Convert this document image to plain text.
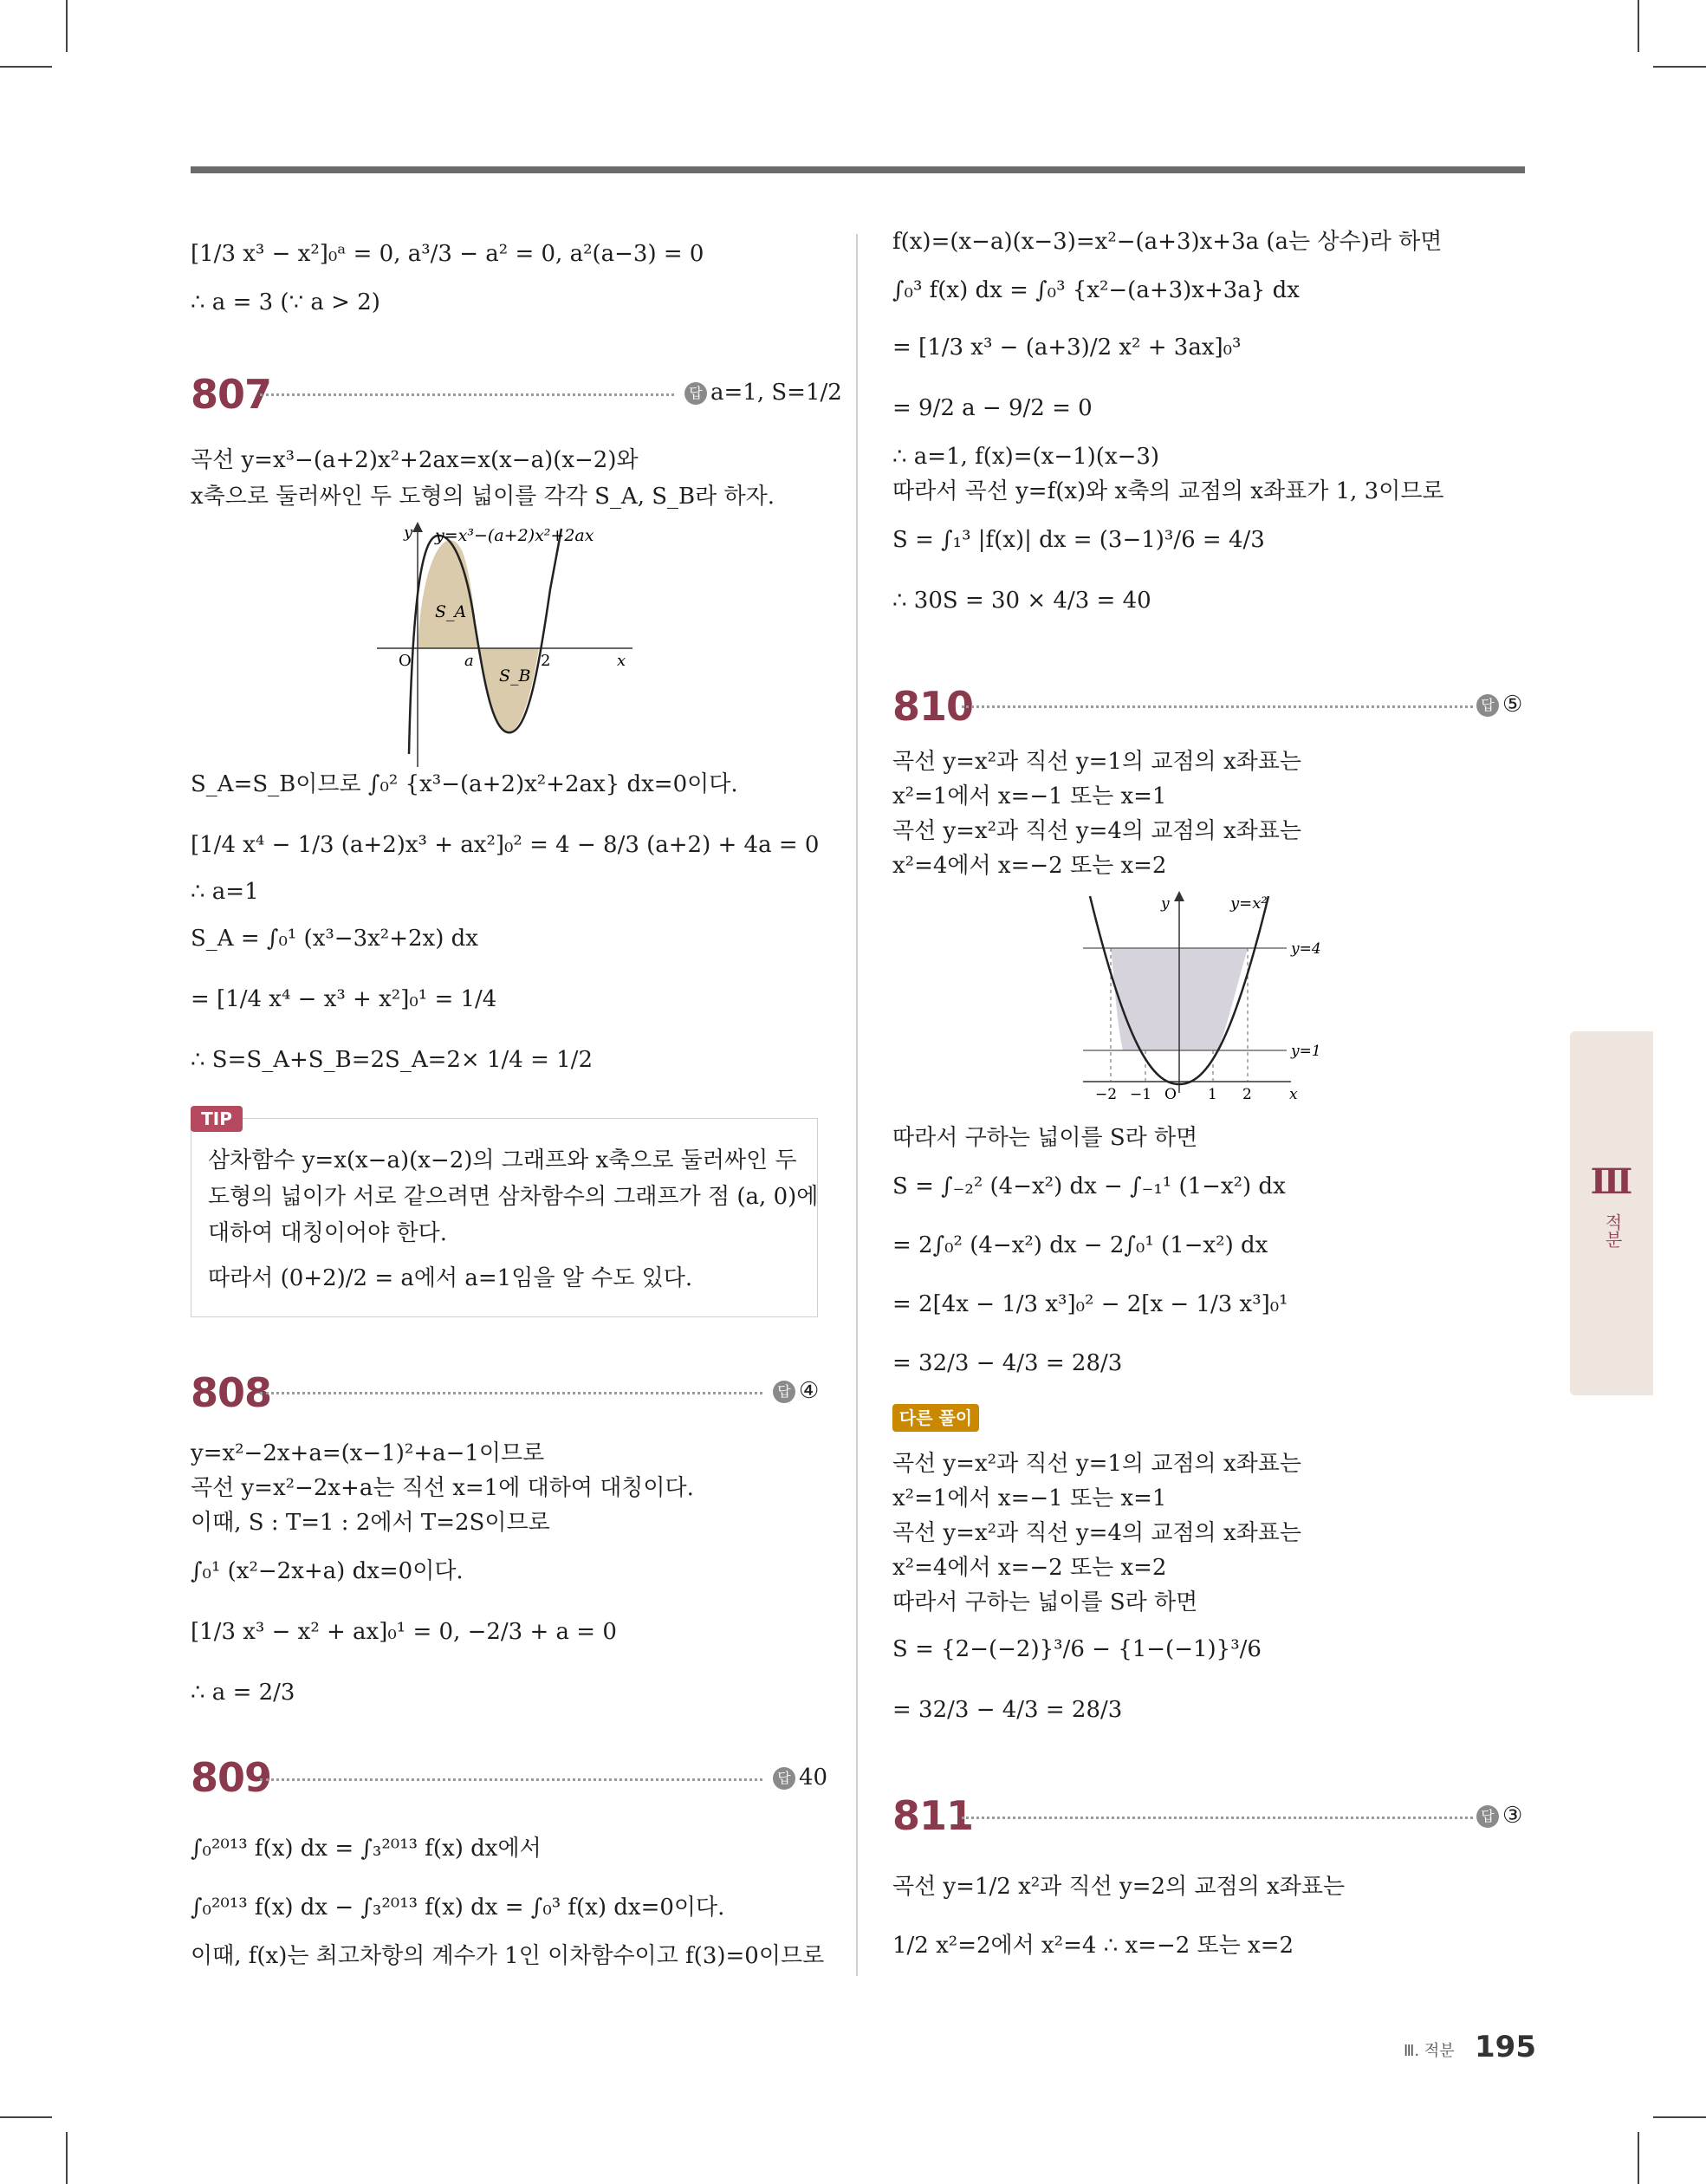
[1/3 x³ − x²]₀ᵃ = 0, a³/3 − a² = 0, a²(a−3) = 0
∴ a = 3 (∵ a > 2)
807	답 a=1, S=1/2
곡선 y=x³−(a+2)x²+2ax=x(x−a)(x−2)와
x축으로 둘러싸인 두 도형의 넓이를 각각 S_A, S_B라 하자.
y y=x³−(a+2)x²+2ax
S_A
S_B
O	a	2	x
S_A=S_B이므로 ∫₀² {x³−(a+2)x²+2ax} dx=0이다.
[1/4 x⁴ − 1/3 (a+2)x³ + ax²]₀² = 4 − 8/3 (a+2) + 4a = 0
∴ a=1
S_A = ∫₀¹ (x³−3x²+2x) dx
= [1/4 x⁴ − x³ + x²]₀¹ = 1/4
∴ S=S_A+S_B=2S_A=2× 1/4 = 1/2
TIP
삼차함수 y=x(x−a)(x−2)의 그래프와 x축으로 둘러싸인 두
도형의 넓이가 서로 같으려면 삼차함수의 그래프가 점 (a, 0)에
대하여 대칭이어야 한다.
따라서 (0+2)/2 = a에서 a=1임을 알 수도 있다.
808	답 ④
y=x²−2x+a=(x−1)²+a−1이므로
곡선 y=x²−2x+a는 직선 x=1에 대하여 대칭이다.
이때, S : T=1 : 2에서 T=2S이므로
∫₀¹ (x²−2x+a) dx=0이다.
[1/3 x³ − x² + ax]₀¹ = 0, −2/3 + a = 0
∴ a = 2/3
809	답 40
∫₀²⁰¹³ f(x) dx = ∫₃²⁰¹³ f(x) dx에서
∫₀²⁰¹³ f(x) dx − ∫₃²⁰¹³ f(x) dx = ∫₀³ f(x) dx=0이다.
이때, f(x)는 최고차항의 계수가 1인 이차함수이고 f(3)=0이므로
f(x)=(x−a)(x−3)=x²−(a+3)x+3a (a는 상수)라 하면
∫₀³ f(x) dx = ∫₀³ {x²−(a+3)x+3a} dx
= [1/3 x³ − (a+3)/2 x² + 3ax]₀³
= 9/2 a − 9/2 = 0
∴ a=1, f(x)=(x−1)(x−3)
따라서 곡선 y=f(x)와 x축의 교점의 x좌표가 1, 3이므로
S = ∫₁³ |f(x)| dx = (3−1)³/6 = 4/3
∴ 30S = 30 × 4/3 = 40
810	답 ⑤
곡선 y=x²과 직선 y=1의 교점의 x좌표는
x²=1에서 x=−1 또는 x=1
곡선 y=x²과 직선 y=4의 교점의 x좌표는
x²=4에서 x=−2 또는 x=2
y	y=x²
y=4
y=1
−2 −1 O 1 2	x
따라서 구하는 넓이를 S라 하면
S = ∫₋₂² (4−x²) dx − ∫₋₁¹ (1−x²) dx
= 2∫₀² (4−x²) dx − 2∫₀¹ (1−x²) dx
= 2[4x − 1/3 x³]₀² − 2[x − 1/3 x³]₀¹
= 32/3 − 4/3 = 28/3
다른 풀이
곡선 y=x²과 직선 y=1의 교점의 x좌표는
x²=1에서 x=−1 또는 x=1
곡선 y=x²과 직선 y=4의 교점의 x좌표는
x²=4에서 x=−2 또는 x=2
따라서 구하는 넓이를 S라 하면
S = {2−(−2)}³/6 − {1−(−1)}³/6
= 32/3 − 4/3 = 28/3
811	답 ③
곡선 y=1/2 x²과 직선 y=2의 교점의 x좌표는
1/2 x²=2에서 x²=4 ∴ x=−2 또는 x=2
Ⅲ
적분
Ⅲ. 적분 195
